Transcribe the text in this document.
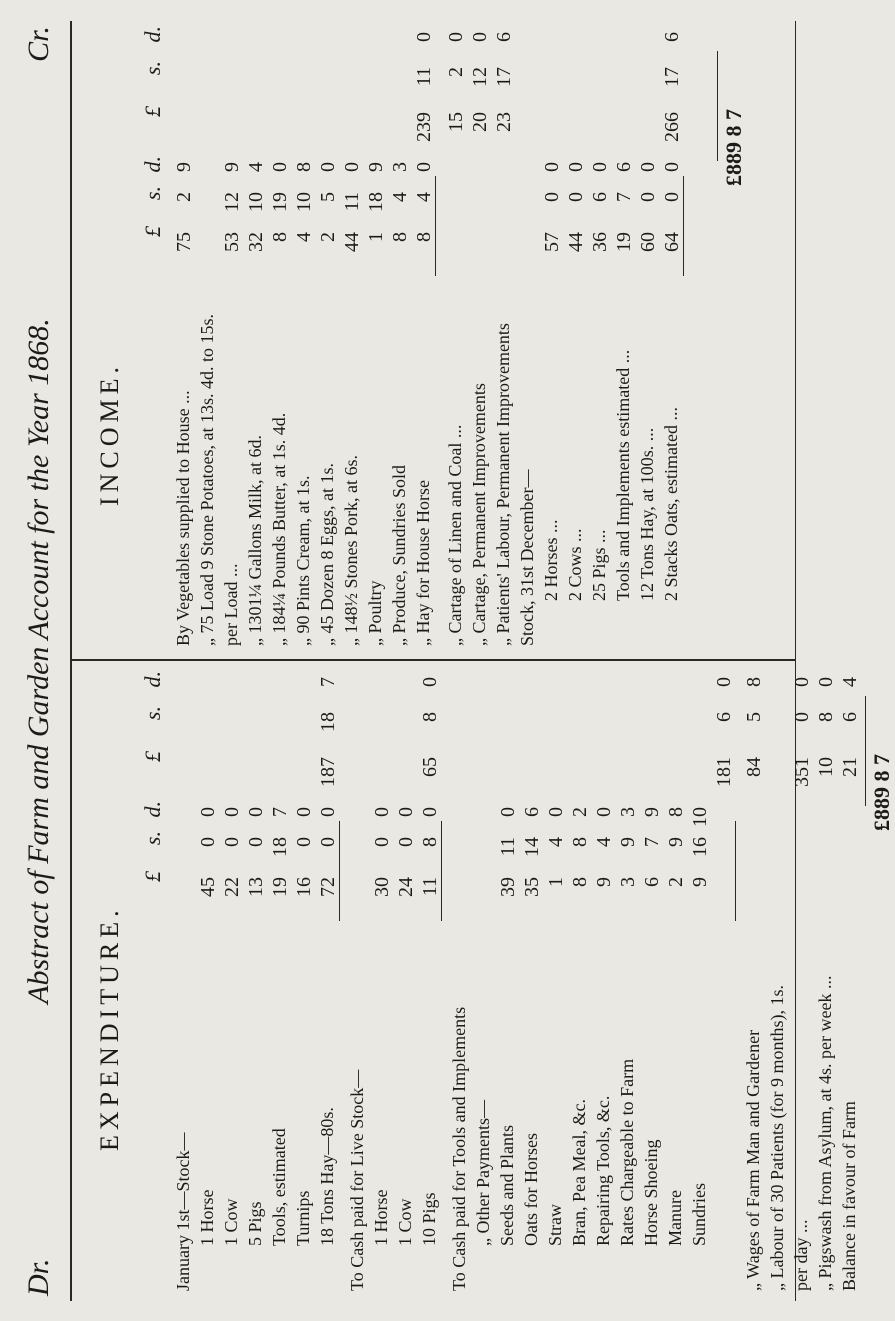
Dr.
Abstract of Farm and Garden Account for the Year 1868.
Cr.
EXPENDITURE.
£
s.
d.
£
s.
d.
January 1st—Stock— 1 Horse
45
0
0
1 Cow
22
0
0
5 Pigs
13
0
0
Tools, estimated
19
18
7
Turnips
16
0
0
18 Tons Hay—80s.
72
0
0
187
18
7
To Cash paid for Live Stock— 1 Horse
30
0
0
1 Cow
24
0
0
10 Pigs
11
8
0
65
8
0
To Cash paid for Tools and Implements „ Other Payments— Seeds and Plants
39
11
0
Oats for Horses
35
14
6
Straw
1
4
0
Bran, Pea Meal, &c.
8
8
2
Repairing Tools, &c.
9
4
0
Rates Chargeable to Farm
3
9
3
Horse Shoeing
6
7
9
Manure
2
9
8
Sundries
9
16
10
181
6
0
„ Wages of Farm Man and Gardener
84
5
8
„ Labour of 30 Patients (for 9 months), 1s. per day ...
351
0
0
„ Pigswash from Asylum, at 4s. per week ...
10
8
0
Balance in favour of Farm
21
6
4
£889 8 7
INCOME.
£
s.
d.
£
s.
d.
By Vegetables supplied to House ...
75
2
9
„ 75 Load 9 Stone Potatoes, at 13s. 4d. to 15s. per Load ...
53
12
9
„ 1301¼ Gallons Milk, at 6d.
32
10
4
„ 184¼ Pounds Butter, at 1s. 4d.
8
19
0
„ 90 Pints Cream, at 1s.
4
10
8
„ 45 Dozen 8 Eggs, at 1s.
2
5
0
„ 148½ Stones Pork, at 6s.
44
11
0
„ Poultry
1
18
9
„ Produce, Sundries Sold
8
4
3
„ Hay for House Horse
8
4
0
239
11
0
„ Cartage of Linen and Coal ...
15
2
0
„ Cartage, Permanent Improvements
20
12
0
„ Patients' Labour, Permanent Improvements
23
17
6
Stock, 31st December— 2 Horses ...
57
0
0
2 Cows ...
44
0
0
25 Pigs ...
36
6
0
Tools and Implements estimated ...
19
7
6
12 Tons Hay, at 100s. ...
60
0
0
2 Stacks Oats, estimated ...
64
0
0
266
17
6
£889 8 7
